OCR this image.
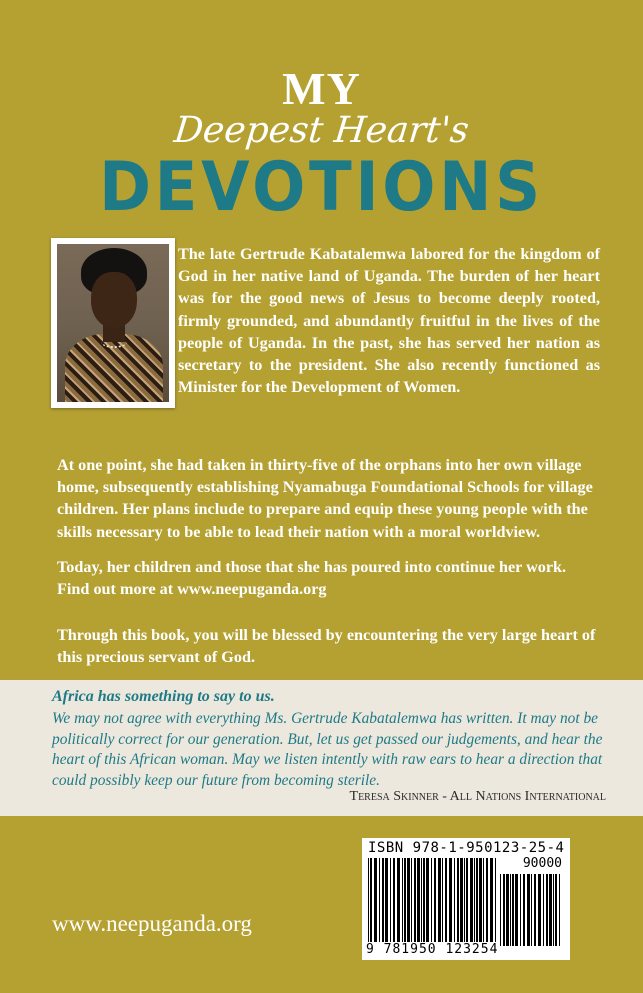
MY
Deepest Heart's
DEVOTIONS
The late Gertrude Kabatalemwa labored for the kingdom of God in her native land of Uganda. The burden of her heart was for the good news of Jesus to become deeply rooted, firmly grounded, and abundantly fruitful in the lives of the people of Uganda. In the past, she has served her nation as secretary to the president. She also recently functioned as Minister for the Development of Women.
At one point, she had taken in thirty-five of the orphans into her own village home, subsequently establishing Nyamabuga Foundational Schools for village children. Her plans include to prepare and equip these young people with the skills necessary to be able to lead their nation with a moral worldview.
Today, her children and those that she has poured into continue her work. Find out more at www.neepuganda.org
Through this book, you will be blessed by encountering the very large heart of this precious servant of God.
Africa has something to say to us.
We may not agree with everything Ms. Gertrude Kabatalemwa has written. It may not be politically correct for our generation. But, let us get passed our judgements, and hear the heart of this African woman. May we listen intently with raw ears to hear a direction that could possibly keep our future from becoming sterile.
Teresa Skinner - All Nations International
www.neepuganda.org
ISBN 978-1-950123-25-4
90000
9 781950 123254
